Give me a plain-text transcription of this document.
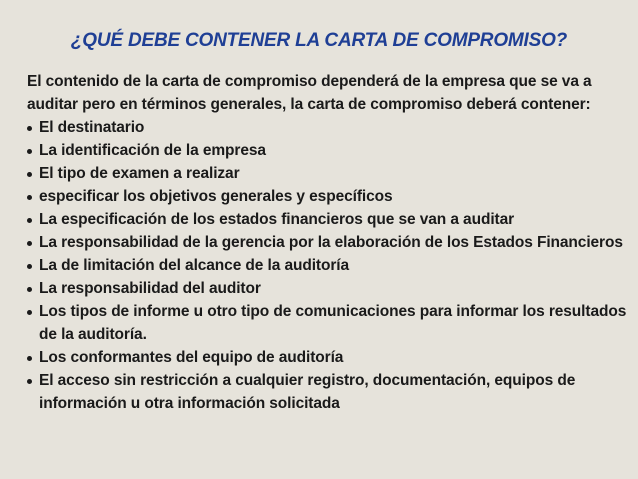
¿QUÉ DEBE CONTENER LA CARTA DE COMPROMISO?

El contenido de la carta de compromiso dependerá de la empresa que se va a auditar pero en términos generales, la carta de compromiso deberá contener:

El destinatario
La identificación de la empresa
El tipo de examen a realizar
especificar los objetivos generales y específicos
La especificación de los estados financieros que se van a auditar
La responsabilidad de la gerencia por la elaboración de los Estados Financieros
La de limitación del alcance de la auditoría
La responsabilidad del auditor
Los tipos de informe u otro tipo de comunicaciones para informar los resultados de la auditoría.
Los conformantes del equipo de auditoría
El acceso sin restricción a cualquier registro, documentación, equipos de información u otra información solicitada
